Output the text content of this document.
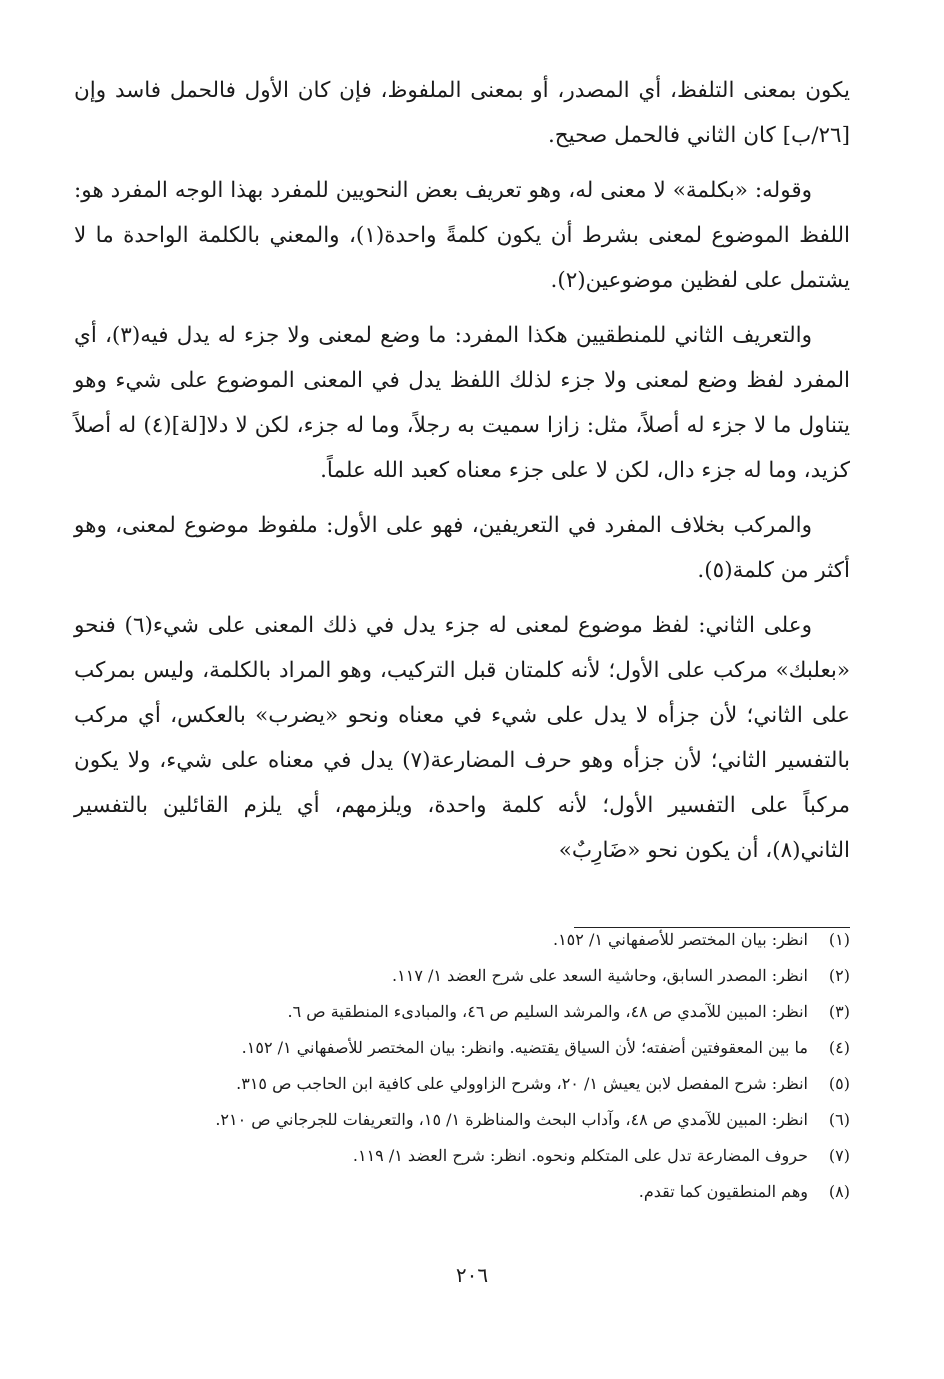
يكون بمعنى التلفظ، أي المصدر، أو بمعنى الملفوظ، فإن كان الأول فالحمل فاسد وإن [٢٦/ب] كان الثاني فالحمل صحيح.

وقوله: «بكلمة» لا معنى له، وهو تعريف بعض النحويين للمفرد بهذا الوجه المفرد هو: اللفظ الموضوع لمعنى بشرط أن يكون كلمةً واحدة(١)، والمعني بالكلمة الواحدة ما لا يشتمل على لفظين موضوعين(٢).

والتعريف الثاني للمنطقيين هكذا المفرد: ما وضع لمعنى ولا جزء له يدل فيه(٣)، أي المفرد لفظ وضع لمعنى ولا جزء لذلك اللفظ يدل في المعنى الموضوع على شيء وهو يتناول ما لا جزء له أصلاً، مثل: زازا سميت به رجلاً، وما له جزء، لكن لا دلا[لة](٤) له أصلاً كزيد، وما له جزء دال، لكن لا على جزء معناه كعبد الله علماً.

والمركب بخلاف المفرد في التعريفين، فهو على الأول: ملفوظ موضوع لمعنى، وهو أكثر من كلمة(٥).

وعلى الثاني: لفظ موضوع لمعنى له جزء يدل في ذلك المعنى على شيء(٦) فنحو «بعلبك» مركب على الأول؛ لأنه كلمتان قبل التركيب، وهو المراد بالكلمة، وليس بمركب على الثاني؛ لأن جزأه لا يدل على شيء في معناه ونحو «يضرب» بالعكس، أي مركب بالتفسير الثاني؛ لأن جزأه وهو حرف المضارعة(٧) يدل في معناه على شيء، ولا يكون مركباً على التفسير الأول؛ لأنه كلمة واحدة، ويلزمهم، أي يلزم القائلين بالتفسير الثاني(٨)، أن يكون نحو «ضَارِبٌ»

(١)
انظر: بيان المختصر للأصفهاني ١/ ١٥٢.
(٢)
انظر: المصدر السابق، وحاشية السعد على شرح العضد ١/ ١١٧.
(٣)
انظر: المبين للآمدي ص ٤٨، والمرشد السليم ص ٤٦، والمبادىء المنطقية ص ٦.
(٤)
ما بين المعقوفتين أضفته؛ لأن السياق يقتضيه. وانظر: بيان المختصر للأصفهاني ١/ ١٥٢.
(٥)
انظر: شرح المفصل لابن يعيش ١/ ٢٠، وشرح الزاوولي على كافية ابن الحاجب ص ٣١٥.
(٦)
انظر: المبين للآمدي ص ٤٨، وآداب البحث والمناظرة ١/ ١٥، والتعريفات للجرجاني ص ٢١٠.
(٧)
حروف المضارعة تدل على المتكلم ونحوه. انظر: شرح العضد ١/ ١١٩.
(٨)
وهم المنطقيون كما تقدم.
٢٠٦
